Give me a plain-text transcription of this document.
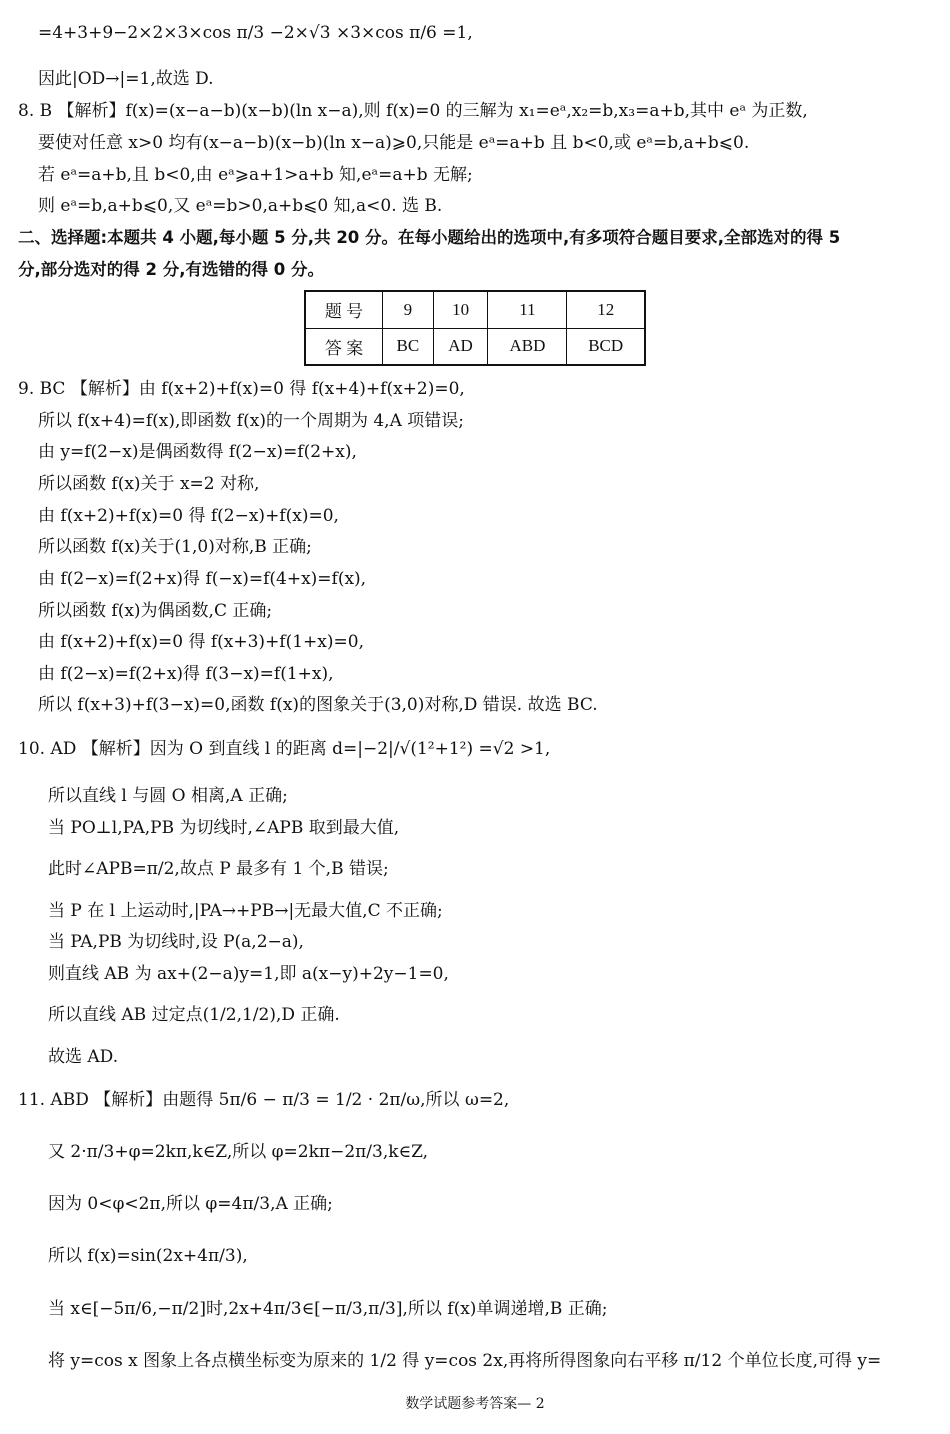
=4+3+9−2×2×3×cos π/3 −2×√3 ×3×cos π/6 =1,
因此|OD→|=1,故选 D.
8. B 【解析】f(x)=(x−a−b)(x−b)(ln x−a),则 f(x)=0 的三解为 x₁=eᵃ,x₂=b,x₃=a+b,其中 eᵃ 为正数,
要使对任意 x>0 均有(x−a−b)(x−b)(ln x−a)⩾0,只能是 eᵃ=a+b 且 b<0,或 eᵃ=b,a+b⩽0.
若 eᵃ=a+b,且 b<0,由 eᵃ⩾a+1>a+b 知,eᵃ=a+b 无解;
则 eᵃ=b,a+b⩽0,又 eᵃ=b>0,a+b⩽0 知,a<0. 选 B.
二、选择题:本题共 4 小题,每小题 5 分,共 20 分。在每小题给出的选项中,有多项符合题目要求,全部选对的得 5
分,部分选对的得 2 分,有选错的得 0 分。
题 号	9	10	11	12
答 案	BC	AD	ABD	BCD
9. BC 【解析】由 f(x+2)+f(x)=0 得 f(x+4)+f(x+2)=0,
所以 f(x+4)=f(x),即函数 f(x)的一个周期为 4,A 项错误;
由 y=f(2−x)是偶函数得 f(2−x)=f(2+x),
所以函数 f(x)关于 x=2 对称,
由 f(x+2)+f(x)=0 得 f(2−x)+f(x)=0,
所以函数 f(x)关于(1,0)对称,B 正确;
由 f(2−x)=f(2+x)得 f(−x)=f(4+x)=f(x),
所以函数 f(x)为偶函数,C 正确;
由 f(x+2)+f(x)=0 得 f(x+3)+f(1+x)=0,
由 f(2−x)=f(2+x)得 f(3−x)=f(1+x),
所以 f(x+3)+f(3−x)=0,函数 f(x)的图象关于(3,0)对称,D 错误. 故选 BC.
10. AD 【解析】因为 O 到直线 l 的距离 d=|−2|/√(1²+1²) =√2 >1,
所以直线 l 与圆 O 相离,A 正确;
当 PO⊥l,PA,PB 为切线时,∠APB 取到最大值,
此时∠APB=π/2,故点 P 最多有 1 个,B 错误;
当 P 在 l 上运动时,|PA→+PB→|无最大值,C 不正确;
当 PA,PB 为切线时,设 P(a,2−a),
则直线 AB 为 ax+(2−a)y=1,即 a(x−y)+2y−1=0,
所以直线 AB 过定点(1/2,1/2),D 正确.
故选 AD.
11. ABD 【解析】由题得 5π/6 − π/3 = 1/2 · 2π/ω,所以 ω=2,
又 2·π/3+φ=2kπ,k∈Z,所以 φ=2kπ−2π/3,k∈Z,
因为 0<φ<2π,所以 φ=4π/3,A 正确;
所以 f(x)=sin(2x+4π/3),
当 x∈[−5π/6,−π/2]时,2x+4π/3∈[−π/3,π/3],所以 f(x)单调递增,B 正确;
将 y=cos x 图象上各点横坐标变为原来的 1/2 得 y=cos 2x,再将所得图象向右平移 π/12 个单位长度,可得 y=
数学试题参考答案— 2
